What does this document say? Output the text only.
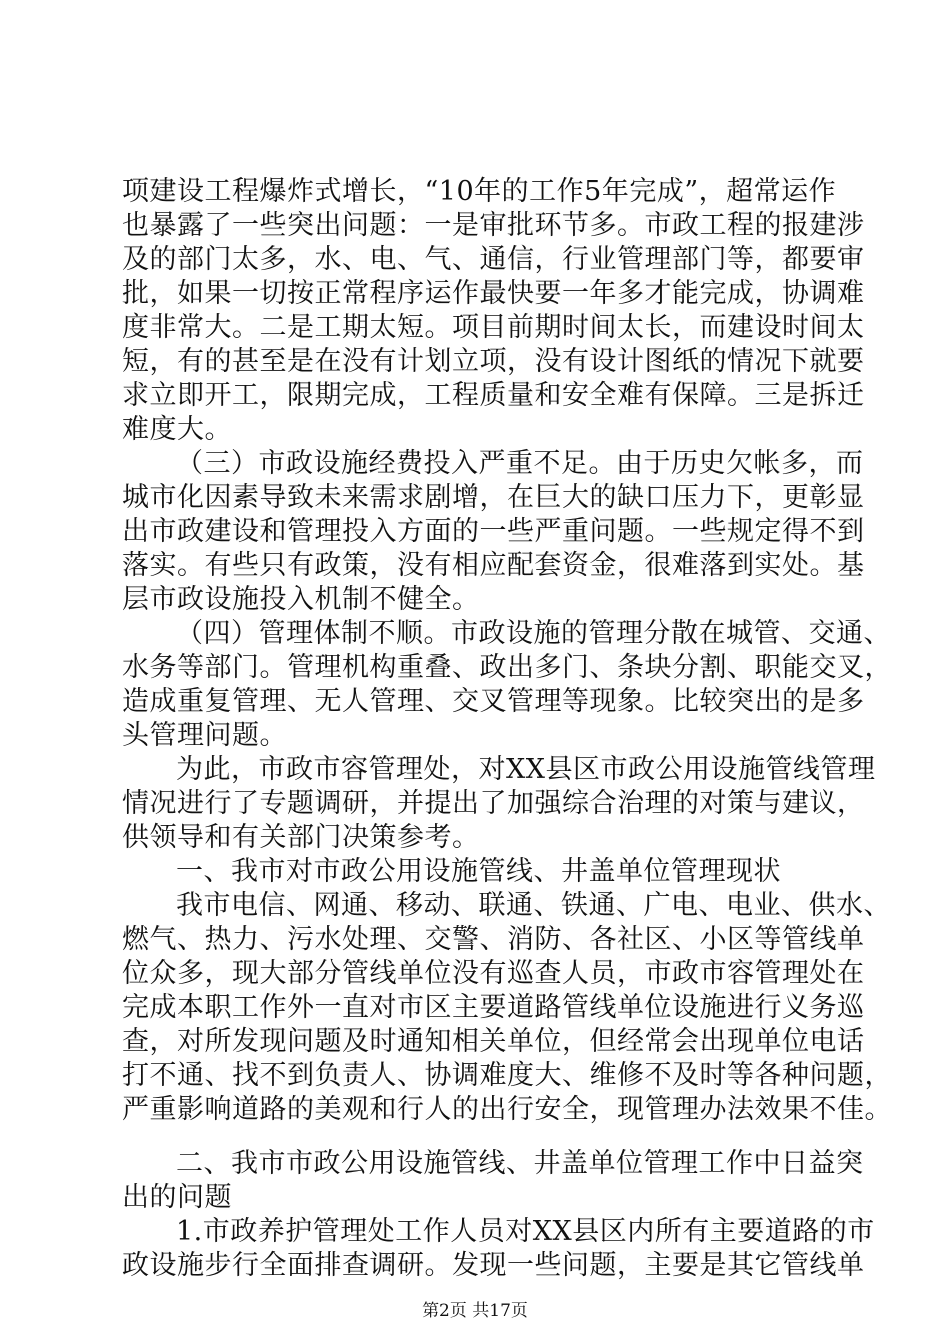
项建设工程爆炸式增长，“10年的工作5年完成”，超常运作
也暴露了一些突出问题：一是审批环节多。市政工程的报建涉
及的部门太多，水、电、气、通信，行业管理部门等，都要审
批，如果一切按正常程序运作最快要一年多才能完成，协调难
度非常大。二是工期太短。项目前期时间太长，而建设时间太
短，有的甚至是在没有计划立项，没有设计图纸的情况下就要
求立即开工，限期完成，工程质量和安全难有保障。三是拆迁
难度大。
（三）市政设施经费投入严重不足。由于历史欠帐多，而
城市化因素导致未来需求剧增，在巨大的缺口压力下，更彰显
出市政建设和管理投入方面的一些严重问题。一些规定得不到
落实。有些只有政策，没有相应配套资金，很难落到实处。基
层市政设施投入机制不健全。
（四）管理体制不顺。市政设施的管理分散在城管、交通、
水务等部门。管理机构重叠、政出多门、条块分割、职能交叉，
造成重复管理、无人管理、交叉管理等现象。比较突出的是多
头管理问题。
为此，市政市容管理处，对XX县区市政公用设施管线管理
情况进行了专题调研，并提出了加强综合治理的对策与建议，
供领导和有关部门决策参考。
一、我市对市政公用设施管线、井盖单位管理现状
我市电信、网通、移动、联通、铁通、广电、电业、供水、
燃气、热力、污水处理、交警、消防、各社区、小区等管线单
位众多，现大部分管线单位没有巡查人员，市政市容管理处在
完成本职工作外一直对市区主要道路管线单位设施进行义务巡
查，对所发现问题及时通知相关单位，但经常会出现单位电话
打不通、找不到负责人、协调难度大、维修不及时等各种问题，
严重影响道路的美观和行人的出行安全，现管理办法效果不佳。
二、我市市政公用设施管线、井盖单位管理工作中日益突
出的问题
1.市政养护管理处工作人员对XX县区内所有主要道路的市
政设施步行全面排查调研。发现一些问题，主要是其它管线单
第2页 共17页
